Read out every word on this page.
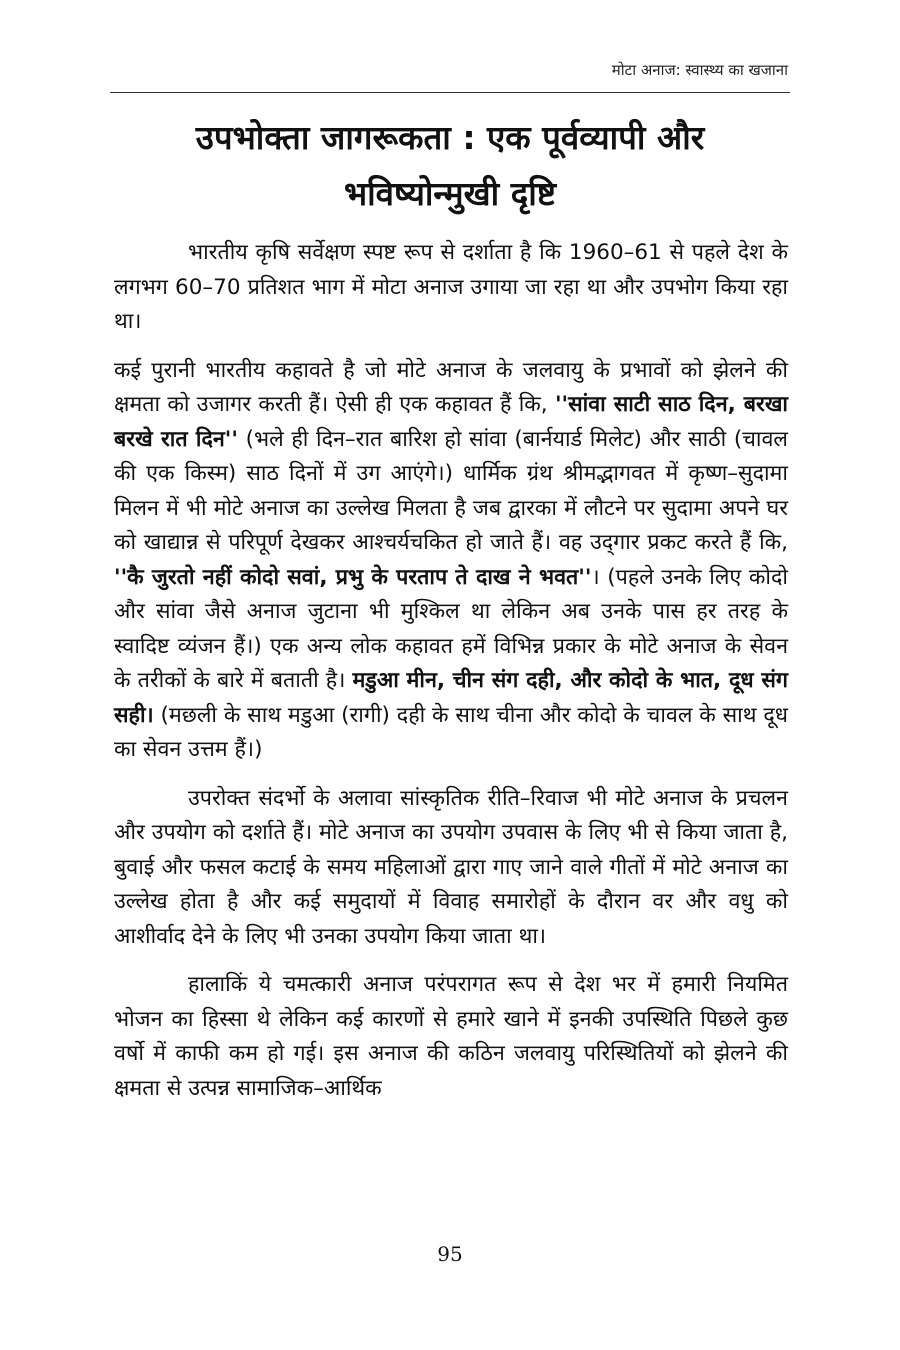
मोटा अनाज: स्वास्थ्य का खजाना
उपभोक्ता जागरूकता : एक पूर्वव्यापी और
भविष्योन्मुखी दृष्टि

भारतीय कृषि सर्वेक्षण स्पष्ट रूप से दर्शाता है कि 1960–61 से पहले देश के लगभग 60–70 प्रतिशत भाग में मोटा अनाज उगाया जा रहा था और उपभोग किया रहा था।

कई पुरानी भारतीय कहावते है जो मोटे अनाज के जलवायु के प्रभावों को झेलने की क्षमता को उजागर करती हैं। ऐसी ही एक कहावत हैं कि, ''सांवा साटी साठ दिन, बरखा बरखे रात दिन'' (भले ही दिन–रात बारिश हो सांवा (बार्नयार्ड मिलेट) और साठी (चावल की एक किस्म) साठ दिनों में उग आएंगे।) धार्मिक ग्रंथ श्रीमद्भागवत में कृष्ण–सुदामा मिलन में भी मोटे अनाज का उल्लेख मिलता है जब द्वारका में लौटने पर सुदामा अपने घर को खाद्यान्न से परिपूर्ण देखकर आश्चर्यचकित हो जाते हैं। वह उद्‌गार प्रकट करते हैं कि, ''कै जुरतो नहीं कोदो सवां, प्रभु के परताप ते दाख ने भवत''। (पहले उनके लिए कोदो और सांवा जैसे अनाज जुटाना भी मुश्किल था लेकिन अब उनके पास हर तरह के स्वादिष्ट व्यंजन हैं।) एक अन्य लोक कहावत हमें विभिन्न प्रकार के मोटे अनाज के सेवन के तरीकों के बारे में बताती है। मडुआ मीन, चीन संग दही, और कोदो के भात, दूध संग सही। (मछली के साथ मडुआ (रागी) दही के साथ चीना और कोदो के चावल के साथ दूध का सेवन उत्तम हैं।)

उपरोक्त संदर्भो के अलावा सांस्कृतिक रीति–रिवाज भी मोटे अनाज के प्रचलन और उपयोग को दर्शाते हैं। मोटे अनाज का उपयोग उपवास के लिए भी से किया जाता है, बुवाई और फसल कटाई के समय महिलाओं द्वारा गाए जाने वाले गीतों में मोटे अनाज का उल्लेख होता है और कई समुदायों में विवाह समारोहों के दौरान वर और वधु को आशीर्वाद देने के लिए भी उनका उपयोग किया जाता था।

हालाकिं ये चमत्कारी अनाज परंपरागत रूप से देश भर में हमारी नियमित भोजन का हिस्सा थे लेकिन कई कारणों से हमारे खाने में इनकी उपस्थिति पिछले कुछ वर्षो में काफी कम हो गई। इस अनाज की कठिन जलवायु परिस्थितियों को झेलने की क्षमता से उत्पन्न सामाजिक–आर्थिक

95
